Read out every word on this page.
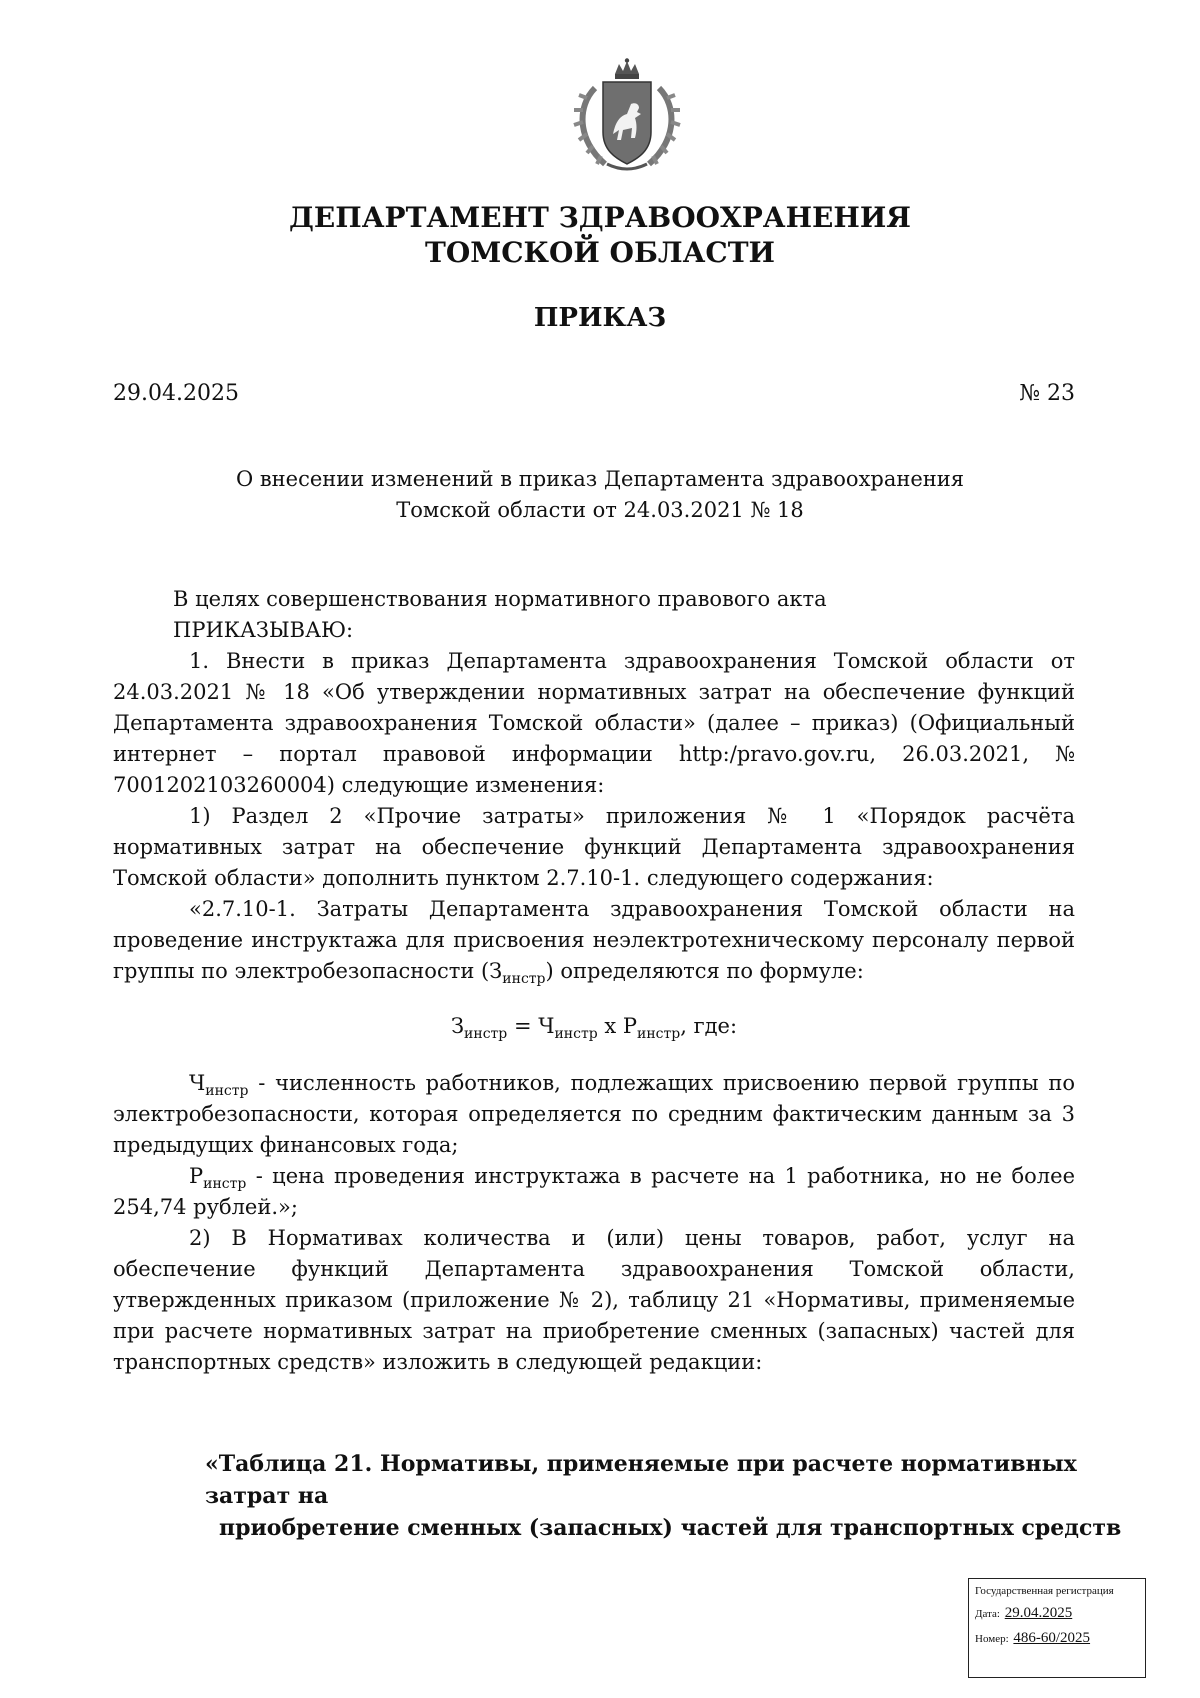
ДЕПАРТАМЕНТ ЗДРАВООХРАНЕНИЯ
ТОМСКОЙ ОБЛАСТИ
ПРИКАЗ
29.04.2025	№ 23
О внесении изменений в приказ Департамента здравоохранения
Томской области от 24.03.2021 № 18

В целях совершенствования нормативного правового акта

ПРИКАЗЫВАЮ:

1. Внести в приказ Департамента здравоохранения Томской области от 24.03.2021 № 18 «Об утверждении нормативных затрат на обеспечение функций Департамента здравоохранения Томской области» (далее – приказ) (Официальный интернет – портал правовой информации http:/pravo.gov.ru, 26.03.2021, № 7001202103260004) следующие изменения:

1) Раздел 2 «Прочие затраты» приложения № 1 «Порядок расчёта нормативных затрат на обеспечение функций Департамента здравоохранения Томской области» дополнить пунктом 2.7.10-1. следующего содержания:

«2.7.10-1. Затраты Департамента здравоохранения Томской области на проведение инструктажа для присвоения неэлектротехническому персоналу первой группы по электробезопасности $(З_{инстр})$ определяются по формуле:

$З_{инстр} = Ч_{инстр}$ х $Р_{инстр}$, где:

$Ч_{инстр}$ - численность работников, подлежащих присвоению первой группы по электробезопасности, которая определяется по средним фактическим данным за 3 предыдущих финансовых года;

$Р_{инстр}$ - цена проведения инструктажа в расчете на 1 работника, но не более 254,74 рублей.»;

2) В Нормативах количества и (или) цены товаров, работ, услуг на обеспечение функций Департамента здравоохранения Томской области, утвержденных приказом (приложение № 2), таблицу 21 «Нормативы, применяемые при расчете нормативных затрат на приобретение сменных (запасных) частей для транспортных средств» изложить в следующей редакции:

«Таблица 21. Нормативы, применяемые при расчете нормативных затрат на
приобретение сменных (запасных) частей для транспортных средств
Государственная регистрация
Дата: 29.04.2025
Номер: 486-60/2025
